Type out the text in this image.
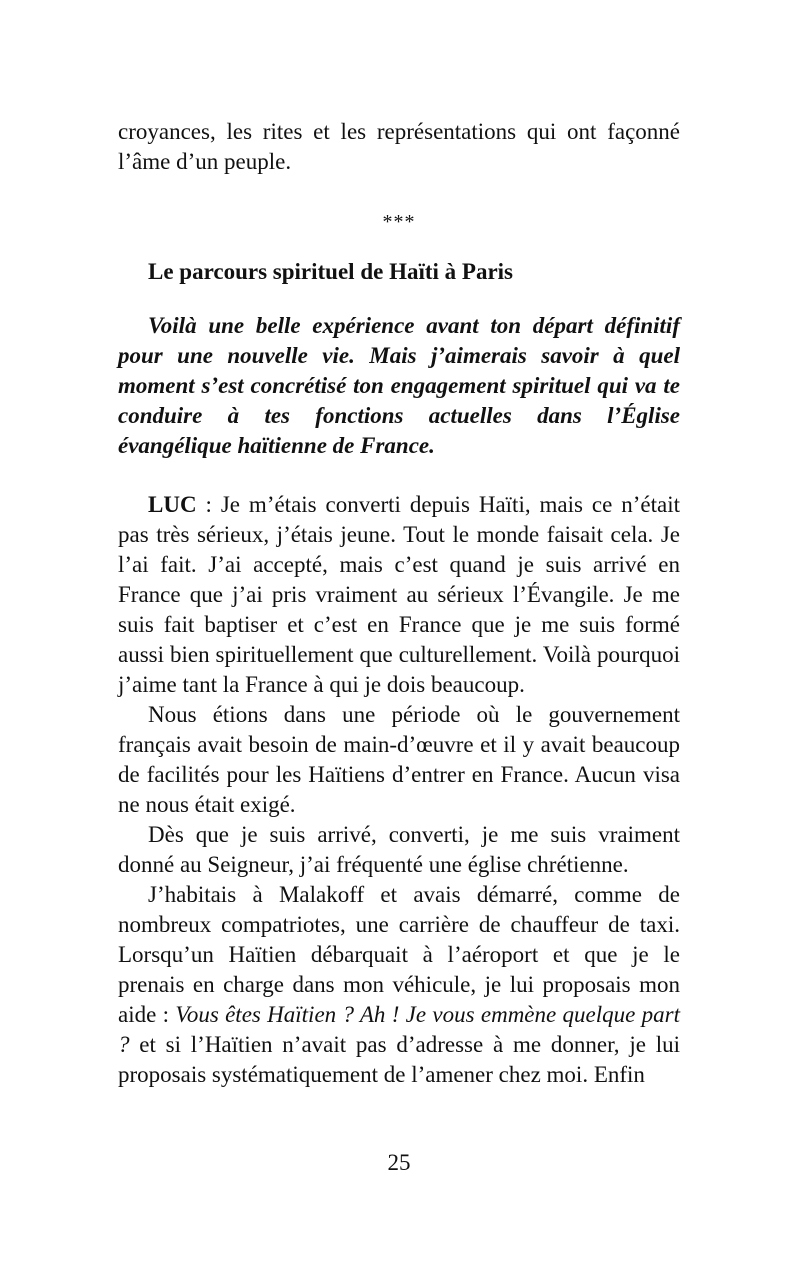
croyances, les rites et les représentations qui ont façonné l’âme d’un peuple.

***
Le parcours spirituel de Haïti à Paris

Voilà une belle expérience avant ton départ définitif pour une nouvelle vie. Mais j’aimerais savoir à quel moment s’est concrétisé ton engagement spirituel qui va te conduire à tes fonctions actuelles dans l’Église évangélique haïtienne de France.

LUC : Je m’étais converti depuis Haïti, mais ce n’était pas très sérieux, j’étais jeune. Tout le monde faisait cela. Je l’ai fait. J’ai accepté, mais c’est quand je suis arrivé en France que j’ai pris vraiment au sérieux l’Évangile. Je me suis fait baptiser et c’est en France que je me suis formé aussi bien spirituellement que culturellement. Voilà pourquoi j’aime tant la France à qui je dois beaucoup.

Nous étions dans une période où le gouvernement français avait besoin de main-d’œuvre et il y avait beaucoup de facilités pour les Haïtiens d’entrer en France. Aucun visa ne nous était exigé.

Dès que je suis arrivé, converti, je me suis vraiment donné au Seigneur, j’ai fréquenté une église chrétienne.

J’habitais à Malakoff et avais démarré, comme de nombreux compatriotes, une carrière de chauffeur de taxi. Lorsqu’un Haïtien débarquait à l’aéroport et que je le prenais en charge dans mon véhicule, je lui proposais mon aide : Vous êtes Haïtien ? Ah ! Je vous emmène quelque part ? et si l’Haïtien n’avait pas d’adresse à me donner, je lui proposais systématiquement de l’amener chez moi. Enfin

25
